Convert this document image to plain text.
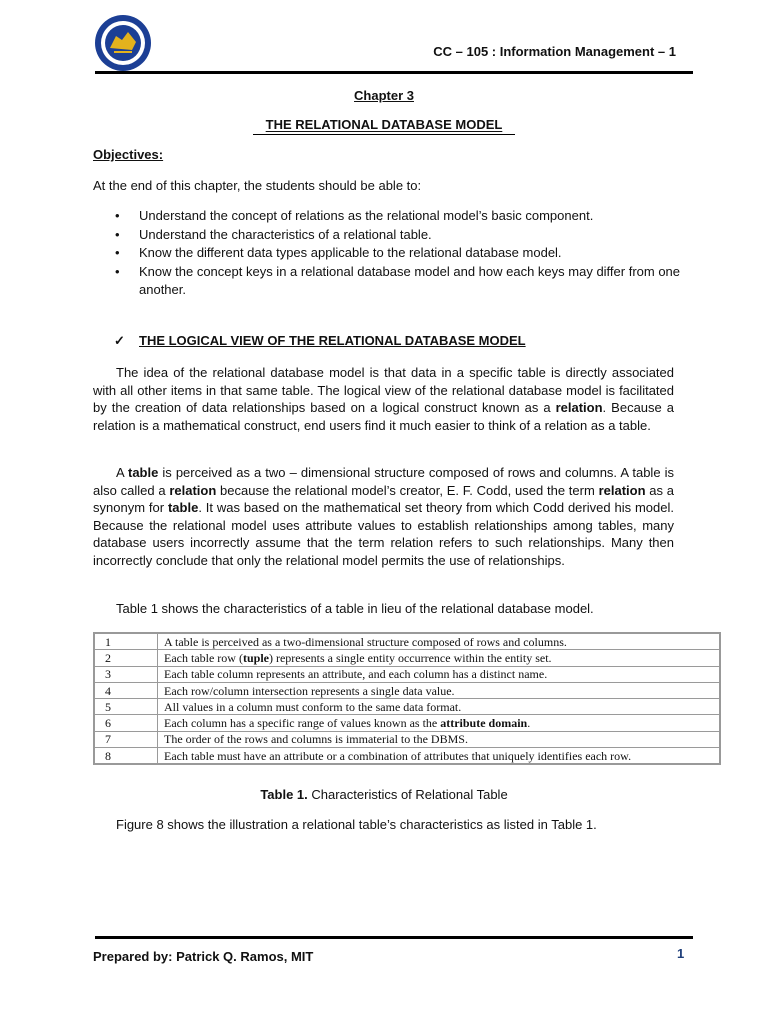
CC – 105 : Information Management – 1
Chapter 3
THE RELATIONAL DATABASE MODEL
Objectives:
At the end of this chapter, the students should be able to:
•	Understand the concept of relations as the relational model’s basic component.
•	Understand the characteristics of a relational table.
•	Know the different data types applicable to the relational database model.
•	Know the concept keys in a relational database model and how each keys may differ from one another.
✓	THE LOGICAL VIEW OF THE RELATIONAL DATABASE MODEL
The idea of the relational database model is that data in a specific table is directly associated with all other items in that same table. The logical view of the relational database model is facilitated by the creation of data relationships based on a logical construct known as a relation. Because a relation is a mathematical construct, end users find it much easier to think of a relation as a table.
A table is perceived as a two – dimensional structure composed of rows and columns. A table is also called a relation because the relational model’s creator, E. F. Codd, used the term relation as a synonym for table. It was based on the mathematical set theory from which Codd derived his model. Because the relational model uses attribute values to establish relationships among tables, many database users incorrectly assume that the term relation refers to such relationships. Many then incorrectly conclude that only the relational model permits the use of relationships.
Table 1 shows the characteristics of a table in lieu of the relational database model.
1	A table is perceived as a two-dimensional structure composed of rows and columns.
2	Each table row (tuple) represents a single entity occurrence within the entity set.
3	Each table column represents an attribute, and each column has a distinct name.
4	Each row/column intersection represents a single data value.
5	All values in a column must conform to the same data format.
6	Each column has a specific range of values known as the attribute domain.
7	The order of the rows and columns is immaterial to the DBMS.
8	Each table must have an attribute or a combination of attributes that uniquely identifies each row.
Table 1. Characteristics of Relational Table
Figure 8 shows the illustration a relational table’s characteristics as listed in Table 1.
Prepared by: Patrick Q. Ramos, MIT	1
